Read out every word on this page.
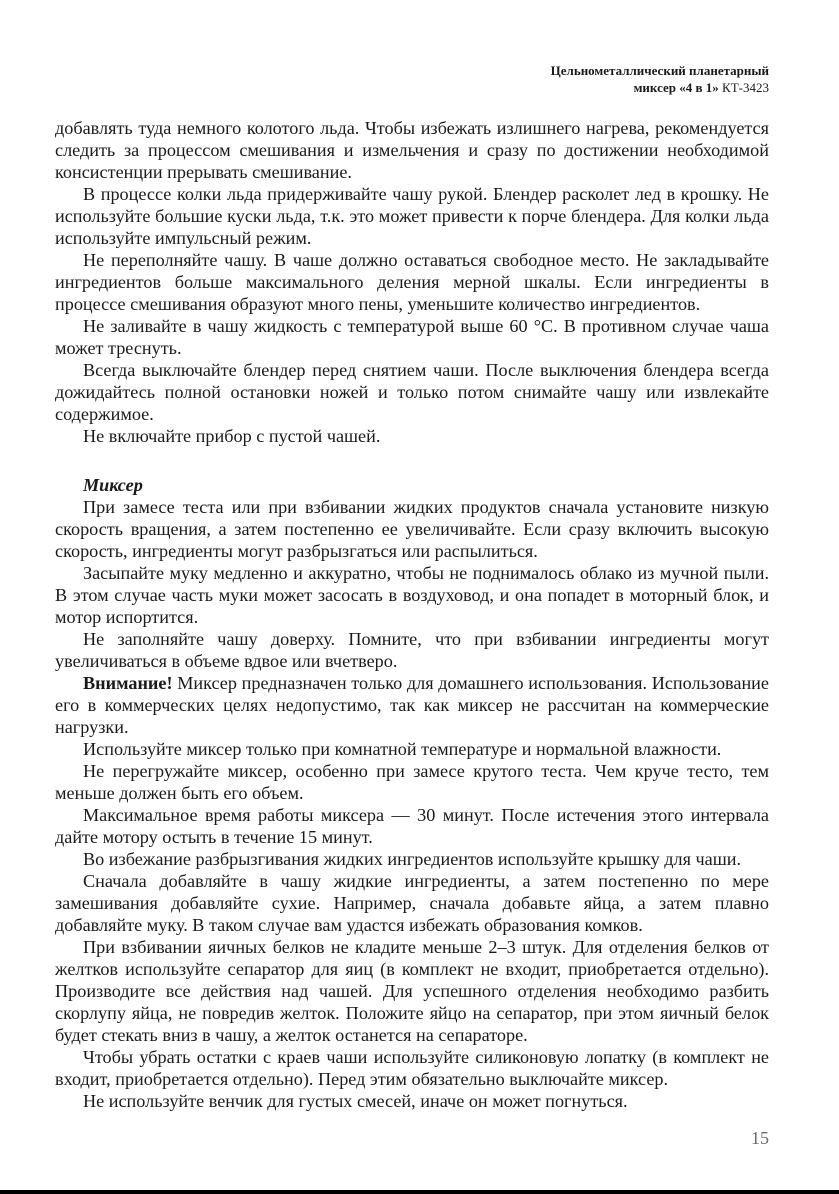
Цельнометаллический планетарный
миксер «4 в 1» КТ-3423

добавлять туда немного колотого льда. Чтобы избежать излишнего нагрева, рекомендуется следить за процессом смешивания и измельчения и сразу по достижении необходимой консистенции прерывать смешивание.

В процессе колки льда придерживайте чашу рукой. Блендер расколет лед в крошку. Не используйте большие куски льда, т.к. это может привести к порче блендера. Для колки льда используйте импульсный режим.

Не переполняйте чашу. В чаше должно оставаться свободное место. Не закладывайте ингредиентов больше максимального деления мерной шкалы. Если ингредиенты в процессе смешивания образуют много пены, уменьшите количество ингредиентов.

Не заливайте в чашу жидкость с температурой выше 60 °С. В противном случае чаша может треснуть.

Всегда выключайте блендер перед снятием чаши. После выключения блендера всегда дожидайтесь полной остановки ножей и только потом снимайте чашу или извлекайте содержимое.

Не включайте прибор с пустой чашей.

Миксер

При замесе теста или при взбивании жидких продуктов сначала установите низкую скорость вращения, а затем постепенно ее увеличивайте. Если сразу включить высокую скорость, ингредиенты могут разбрызгаться или распылиться.

Засыпайте муку медленно и аккуратно, чтобы не поднималось облако из мучной пыли. В этом случае часть муки может засосать в воздуховод, и она попадет в моторный блок, и мотор испортится.

Не заполняйте чашу доверху. Помните, что при взбивании ингредиенты могут увеличиваться в объеме вдвое или вчетверо.

Внимание! Миксер предназначен только для домашнего использования. Использование его в коммерческих целях недопустимо, так как миксер не рассчитан на коммерческие нагрузки.

Используйте миксер только при комнатной температуре и нормальной влажности.

Не перегружайте миксер, особенно при замесе крутого теста. Чем круче тесто, тем меньше должен быть его объем.

Максимальное время работы миксера — 30 минут. После истечения этого интервала дайте мотору остыть в течение 15 минут.

Во избежание разбрызгивания жидких ингредиентов используйте крышку для чаши.

Сначала добавляйте в чашу жидкие ингредиенты, а затем постепенно по мере замешивания добавляйте сухие. Например, сначала добавьте яйца, а затем плавно добавляйте муку. В таком случае вам удастся избежать образования комков.

При взбивании яичных белков не кладите меньше 2–3 штук. Для отделения белков от желтков используйте сепаратор для яиц (в комплект не входит, приобретается отдельно). Производите все действия над чашей. Для успешного отделения необходимо разбить скорлупу яйца, не повредив желток. Положите яйцо на сепаратор, при этом яичный белок будет стекать вниз в чашу, а желток останется на сепараторе.

Чтобы убрать остатки с краев чаши используйте силиконовую лопатку (в комплект не входит, приобретается отдельно). Перед этим обязательно выключайте миксер.

Не используйте венчик для густых смесей, иначе он может погнуться.

15
